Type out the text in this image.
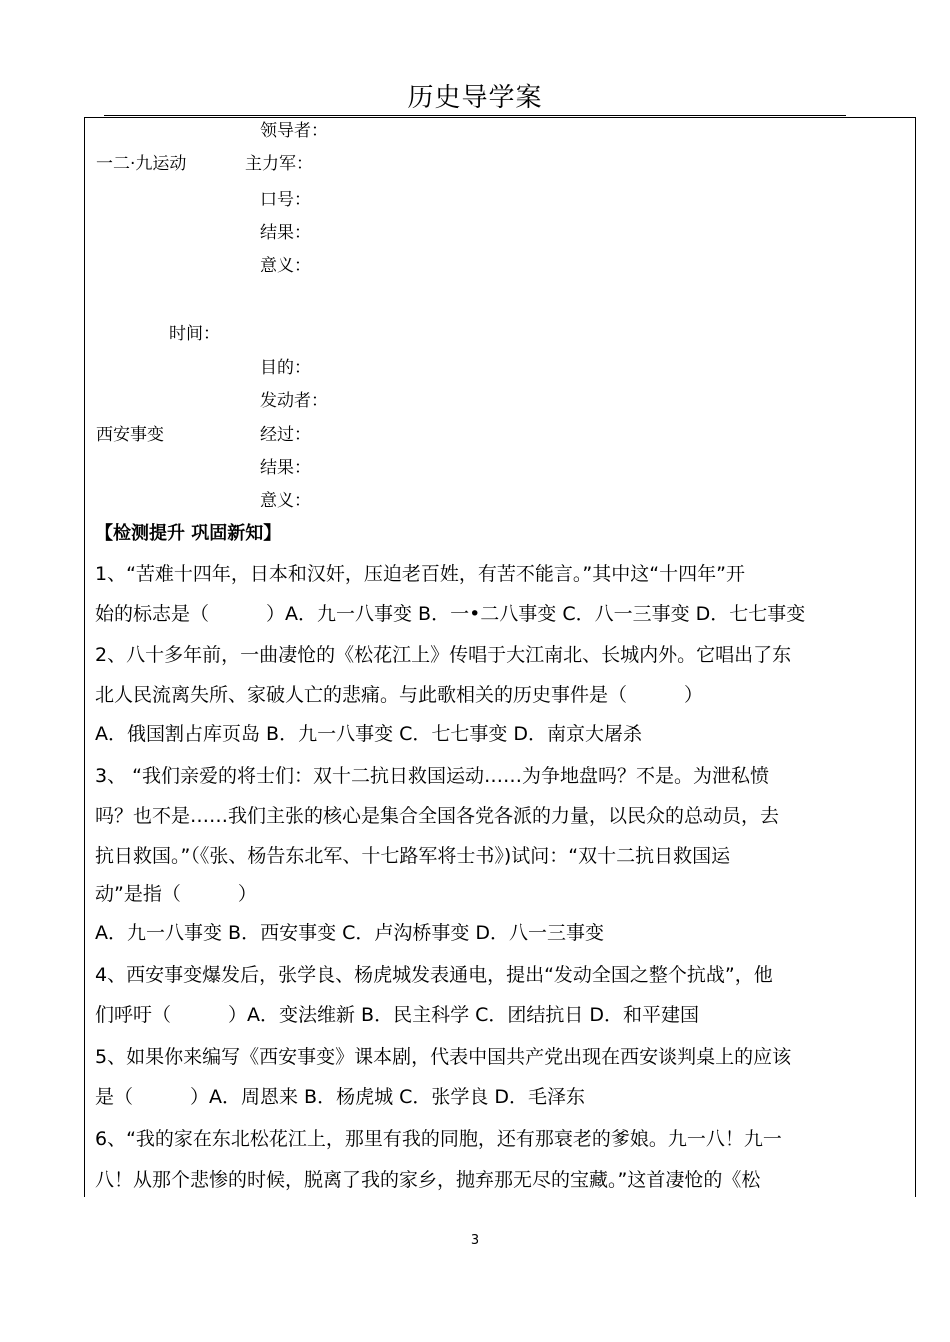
历史导学案
领导者：
一二·九运动	主力军：
口号：
结果：
意义：
时间：
目的：
发动者：
西安事变	经过：
结果：
意义：
【检测提升 巩固新知】
1、“苦难十四年，日本和汉奸，压迫老百姓，有苦不能言。”其中这“十四年”开
始的标志是（　　　）A．九一八事变 B．一•二八事变 C．八一三事变 D．七七事变
2、八十多年前，一曲凄怆的《松花江上》传唱于大江南北、长城内外。它唱出了东
北人民流离失所、家破人亡的悲痛。与此歌相关的历史事件是（　　　）
A．俄国割占库页岛 B．九一八事变 C．七七事变 D．南京大屠杀
3、 “我们亲爱的将士们：双十二抗日救国运动……为争地盘吗？不是。为泄私愤
吗？也不是……我们主张的核心是集合全国各党各派的力量，以民众的总动员，去
抗日救国。”（《张、杨告东北军、十七路军将士书》)试问：“双十二抗日救国运
动”是指（　　　）
A．九一八事变 B．西安事变 C．卢沟桥事变 D．八一三事变
4、西安事变爆发后，张学良、杨虎城发表通电，提出“发动全国之整个抗战”，他
们呼吁（　　　）A．变法维新 B．民主科学 C．团结抗日 D．和平建国
5、如果你来编写《西安事变》课本剧，代表中国共产党出现在西安谈判桌上的应该
是（　　　）A．周恩来 B．杨虎城 C．张学良 D．毛泽东
6、“我的家在东北松花江上，那里有我的同胞，还有那衰老的爹娘。九一八！九一
八！从那个悲惨的时候，脱离了我的家乡，抛弃那无尽的宝藏。”这首凄怆的《松
3
